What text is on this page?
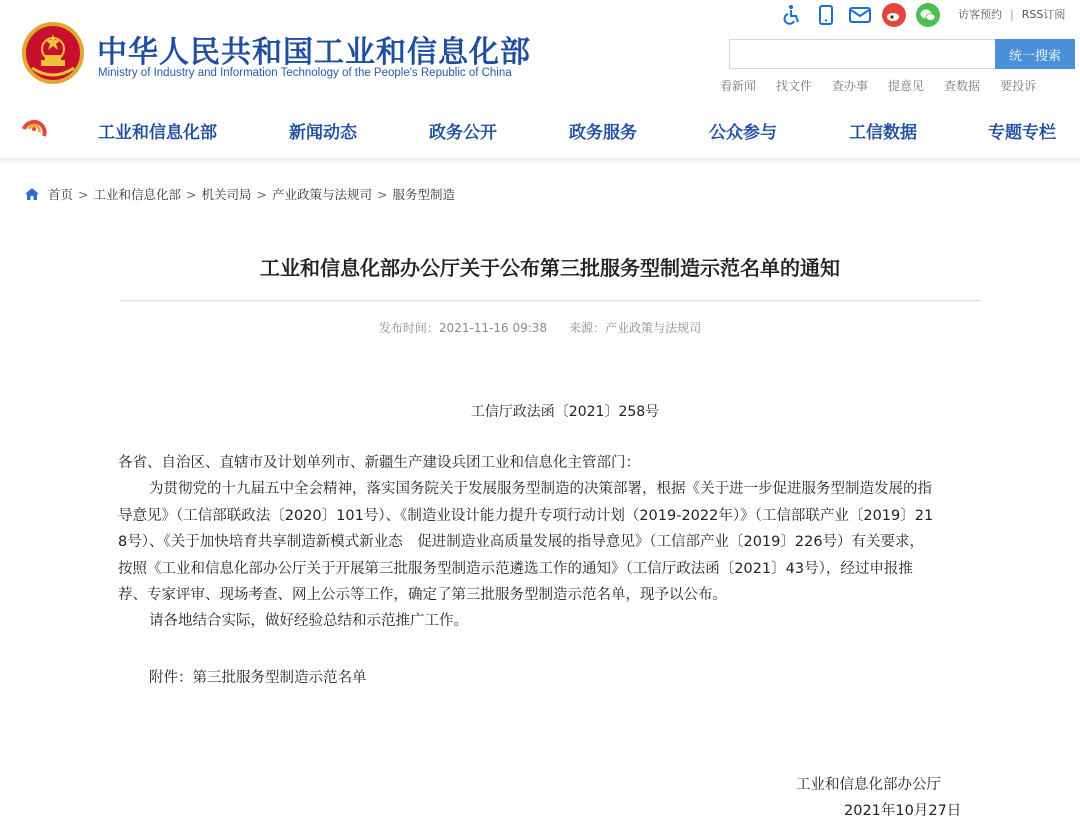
中华人民共和国工业和信息化部
Ministry of Industry and Information Technology of the People's Republic of China
访客预约 | RSS订阅
统一搜索
看新闻 找文件 查办事 提意见 查数据 要投诉
工业和信息化部	新闻动态	政务公开	政务服务	公众参与	工信数据	专题专栏
首页 > 工业和信息化部 > 机关司局 > 产业政策与法规司 > 服务型制造
工业和信息化部办公厅关于公布第三批服务型制造示范名单的通知
发布时间：2021-11-16 09:38 来源：产业政策与法规司
工信厅政法函〔2021〕258号

各省、自治区、直辖市及计划单列市、新疆生产建设兵团工业和信息化主管部门：

为贯彻党的十九届五中全会精神，落实国务院关于发展服务型制造的决策部署，根据《关于进一步促进服务型制造发展的指

导意见》（工信部联政法〔2020〕101号）、《制造业设计能力提升专项行动计划（2019-2022年）》（工信部联产业〔2019〕21

8号）、《关于加快培育共享制造新模式新业态　促进制造业高质量发展的指导意见》（工信部产业〔2019〕226号）有关要求，

按照《工业和信息化部办公厅关于开展第三批服务型制造示范遴选工作的通知》（工信厅政法函〔2021〕43号），经过申报推

荐、专家评审、现场考查、网上公示等工作，确定了第三批服务型制造示范名单，现予以公布。

请各地结合实际，做好经验总结和示范推广工作。

附件：第三批服务型制造示范名单
工业和信息化部办公厅
2021年10月27日
